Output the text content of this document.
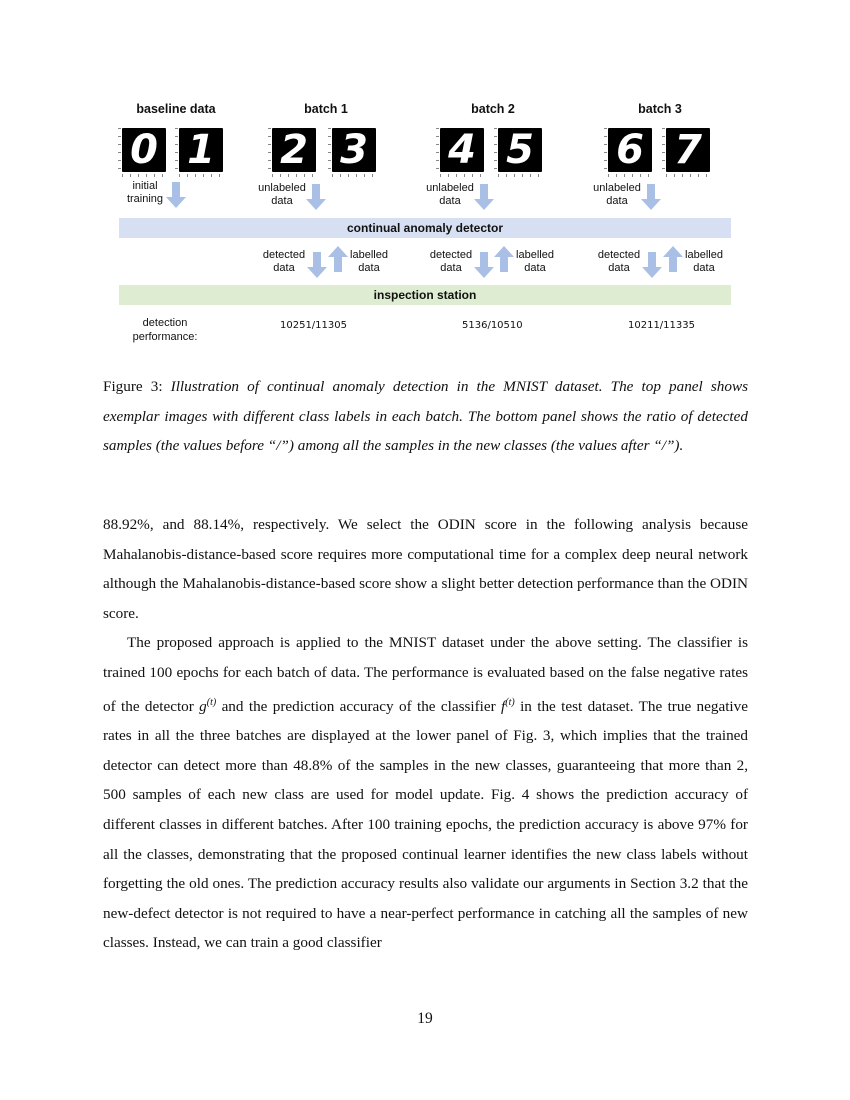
baseline data	batch 1	batch 2	batch 3
0 1 2 3 4 5 6 7
initial
training
unlabeled
data
unlabeled
data
unlabeled
data
continual anomaly detector
detected
data
labelled
data
detected
data
labelled
data
detected
data
labelled
data
inspection station
detection
performance:
10251/11305	5136/10510	10211/11335
Figure 3: Illustration of continual anomaly detection in the MNIST dataset. The top panel shows exemplar images with different class labels in each batch. The bottom panel shows the ratio of detected samples (the values before “/”) among all the samples in the new classes (the values after “/”).

88.92%, and 88.14%, respectively. We select the ODIN score in the following analysis because Mahalanobis-distance-based score requires more computational time for a complex deep neural network although the Mahalanobis-distance-based score show a slight better detection performance than the ODIN score.

The proposed approach is applied to the MNIST dataset under the above setting. The classifier is trained 100 epochs for each batch of data. The performance is evaluated based on the false negative rates of the detector $g^{(t)}$ and the prediction accuracy of the classifier $f^{(t)}$ in the test dataset. The true negative rates in all the three batches are displayed at the lower panel of Fig. 3, which implies that the trained detector can detect more than 48.8% of the samples in the new classes, guaranteeing that more than 2, 500 samples of each new class are used for model update. Fig. 4 shows the prediction accuracy of different classes in different batches. After 100 training epochs, the prediction accuracy is above 97% for all the classes, demonstrating that the proposed continual learner identifies the new class labels without forgetting the old ones. The prediction accuracy results also validate our arguments in Section 3.2 that the new-defect detector is not required to have a near-perfect performance in catching all the samples of new classes. Instead, we can train a good classifier

19
